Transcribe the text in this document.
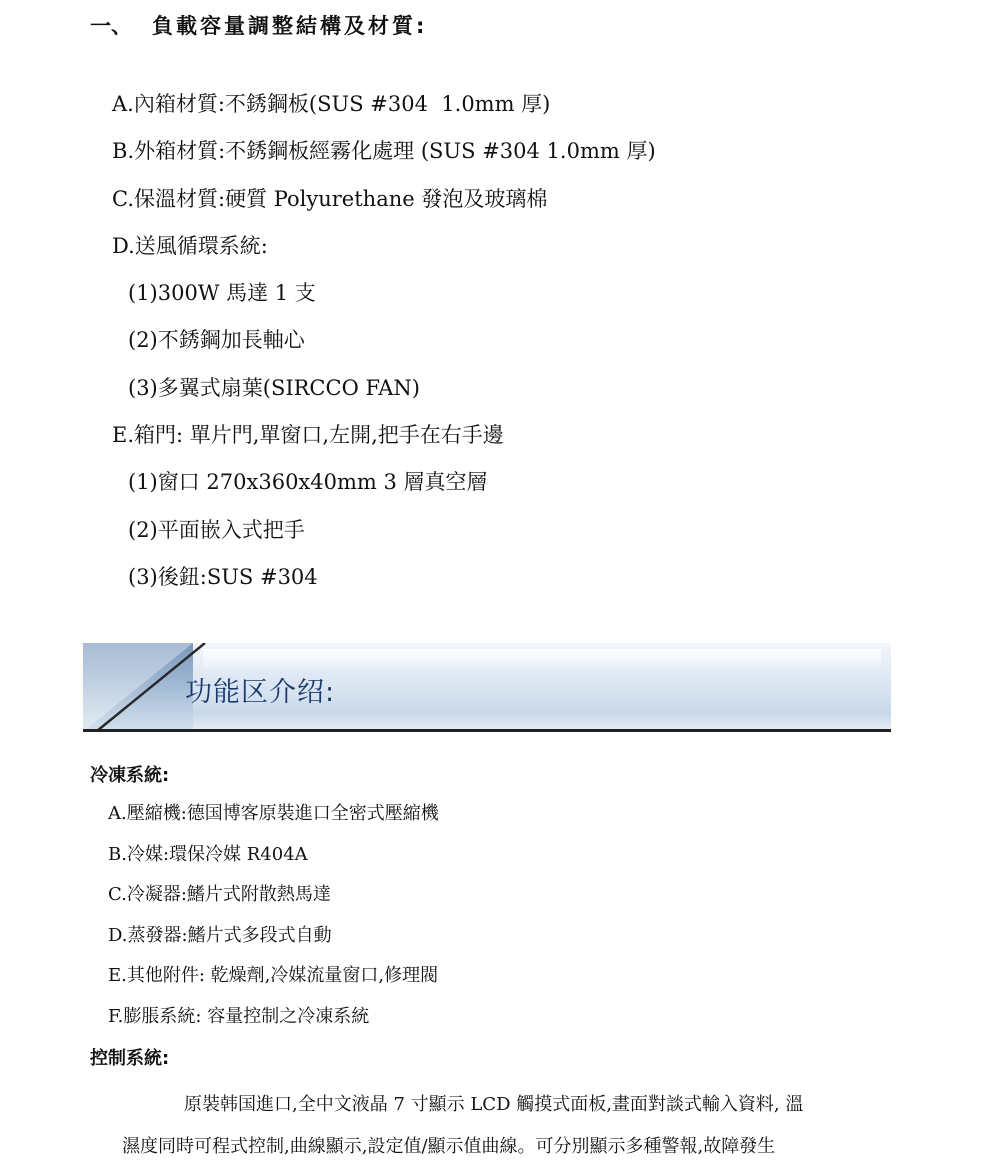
一、 負載容量調整結構及材質:
A.內箱材質:不銹鋼板(SUS #304  1.0mm 厚)
B.外箱材質:不銹鋼板經霧化處理 (SUS #304 1.0mm 厚)
C.保溫材質:硬質 Polyurethane 發泡及玻璃棉
D.送風循環系統:
(1)300W 馬達 1 支
(2)不銹鋼加長軸心
(3)多翼式扇葉(SIRCCO FAN)
E.箱門: 單片門,單窗口,左開,把手在右手邊
(1)窗口 270x360x40mm 3 層真空層
(2)平面嵌入式把手
(3)後鈕:SUS #304
功能区介绍:
冷凍系統:
A.壓縮機:德国博客原裝進口全密式壓縮機
B.冷媒:環保冷媒 R404A
C.冷凝器:鰭片式附散熱馬達
D.蒸發器:鰭片式多段式自動
E.其他附件: 乾燥劑,冷媒流量窗口,修理閥
F.膨脹系統: 容量控制之冷凍系統
控制系統:
原裝韩国進口,全中文液晶 7 寸顯示 LCD 觸摸式面板,畫面對談式輸入資料, 溫
濕度同時可程式控制,曲線顯示,設定值/顯示值曲線。可分別顯示多種警報,故障發生
